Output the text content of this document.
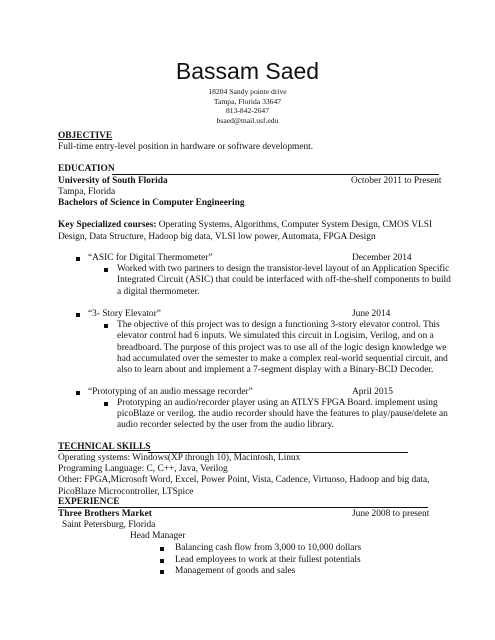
Bassam Saed
18204 Sandy pointe drive
Tampa, Florida 33647
813-842-2647
bsaed@mail.usf.edu
OBJECTIVE
Full-time entry-level position in hardware or software development.
EDUCATION
University of South Florida	October 2011 to Present
Tampa, Florida
Bachelors of Science in Computer Engineering
Key Specialized courses: Operating Systems, Algorithms, Computer System Design, CMOS VLSI
Design, Data Structure, Hadoop big data, VLSI low power, Automata, FPGA Design
“ASIC for Digital Thermometer”	December 2014
Worked with two partners to design the transistor-level layout of an Application Specific
Integrated Circuit (ASIC) that could be interfaced with off-the-shelf components to build
a digital thermometer.
“3- Story Elevator”	June 2014
The objective of this project was to design a functioning 3-story elevator control. This
elevator control had 6 inputs. We simulated this circuit in Logisim, Verilog, and on a
breadboard. The purpose of this project was to use all of the logic design knowledge we
had accumulated over the semester to make a complex real-world sequential circuit, and
also to learn about and implement a 7-segment display with a Binary-BCD Decoder.
“Prototyping of an audio message recorder”	April 2015
Prototyping an audio/recorder player using an ATLYS FPGA Board. implement using
picoBlaze or verilog. the audio recorder should have the features to play/pause/delete an
audio recorder selected by the user from the audio library.
TECHNICAL SKILLS
Operating systems: Windows(XP through 10), Macintosh, Linux
Programing Language: C, C++, Java, Verilog
Other: FPGA,Microsoft Word, Excel, Power Point, Vista, Cadence, Virtuoso, Hadoop and big data,
PicoBlaze Microcontroller, LTSpice
EXPERIENCE
Three Brothers Market	June 2008 to present
Saint Petersburg, Florida
Head Manager
Balancing cash flow from 3,000 to 10,000 dollars
Lead employees to work at their fullest potentials
Management of goods and sales
